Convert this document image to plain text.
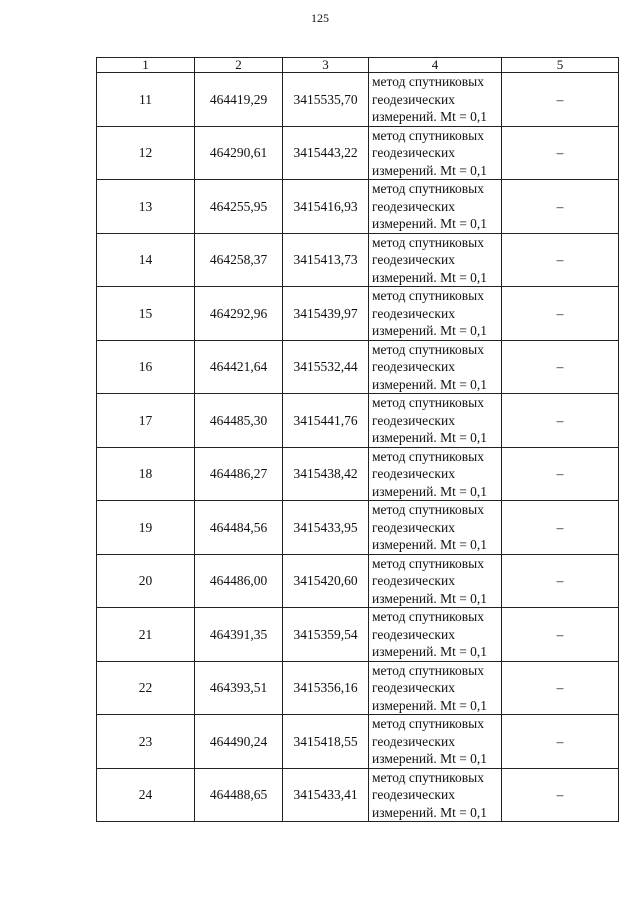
125
1	2	3	4	5
11	464419,29	3415535,70	метод спутниковых
геодезических
измерений. Mt = 0,1	–
12	464290,61	3415443,22	метод спутниковых
геодезических
измерений. Mt = 0,1	–
13	464255,95	3415416,93	метод спутниковых
геодезических
измерений. Mt = 0,1	–
14	464258,37	3415413,73	метод спутниковых
геодезических
измерений. Mt = 0,1	–
15	464292,96	3415439,97	метод спутниковых
геодезических
измерений. Mt = 0,1	–
16	464421,64	3415532,44	метод спутниковых
геодезических
измерений. Mt = 0,1	–
17	464485,30	3415441,76	метод спутниковых
геодезических
измерений. Mt = 0,1	–
18	464486,27	3415438,42	метод спутниковых
геодезических
измерений. Mt = 0,1	–
19	464484,56	3415433,95	метод спутниковых
геодезических
измерений. Mt = 0,1	–
20	464486,00	3415420,60	метод спутниковых
геодезических
измерений. Mt = 0,1	–
21	464391,35	3415359,54	метод спутниковых
геодезических
измерений. Mt = 0,1	–
22	464393,51	3415356,16	метод спутниковых
геодезических
измерений. Mt = 0,1	–
23	464490,24	3415418,55	метод спутниковых
геодезических
измерений. Mt = 0,1	–
24	464488,65	3415433,41	метод спутниковых
геодезических
измерений. Mt = 0,1	–
